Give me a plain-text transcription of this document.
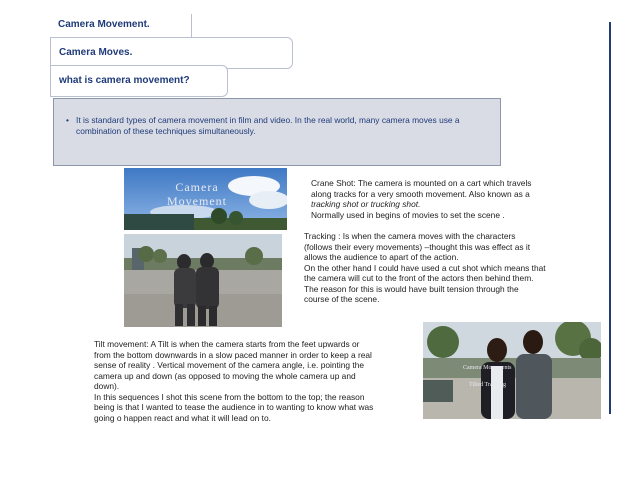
Camera Movement.
Camera Moves.
what is camera movement?
• It is standard types of camera movement in film and video. In the real world, many camera moves use a combination of these techniques simultaneously.
Camera Movement
Crane Shot: The camera is mounted on a cart which travels
along tracks for a very smooth movement. Also known as a
tracking shot or trucking shot.
Normally used in begins of movies to set the scene .
Tracking : Is when the camera moves with the characters
(follows their every movements) –thought this was effect as it
allows the audience to apart of the action.
On the other hand I could have used a cut shot which means that
the camera will cut to the front of the actors then behind them.
The reason for this is would have built tension through the
course of the scene.
Tilt movement: A Tilt is when the camera starts from the feet upwards or
from the bottom downwards in a slow paced manner in order to keep a real
sense of reality . Vertical movement of the camera angle, i.e. pointing the
camera up and down (as opposed to moving the whole camera up and
down).
In this sequences I shot this scene from the bottom to the top; the reason
being is that I wanted to tease the audience in to wanting to know what was
going o happen react and what it will lead on to.
Camera Movements
Tilted Tracking
